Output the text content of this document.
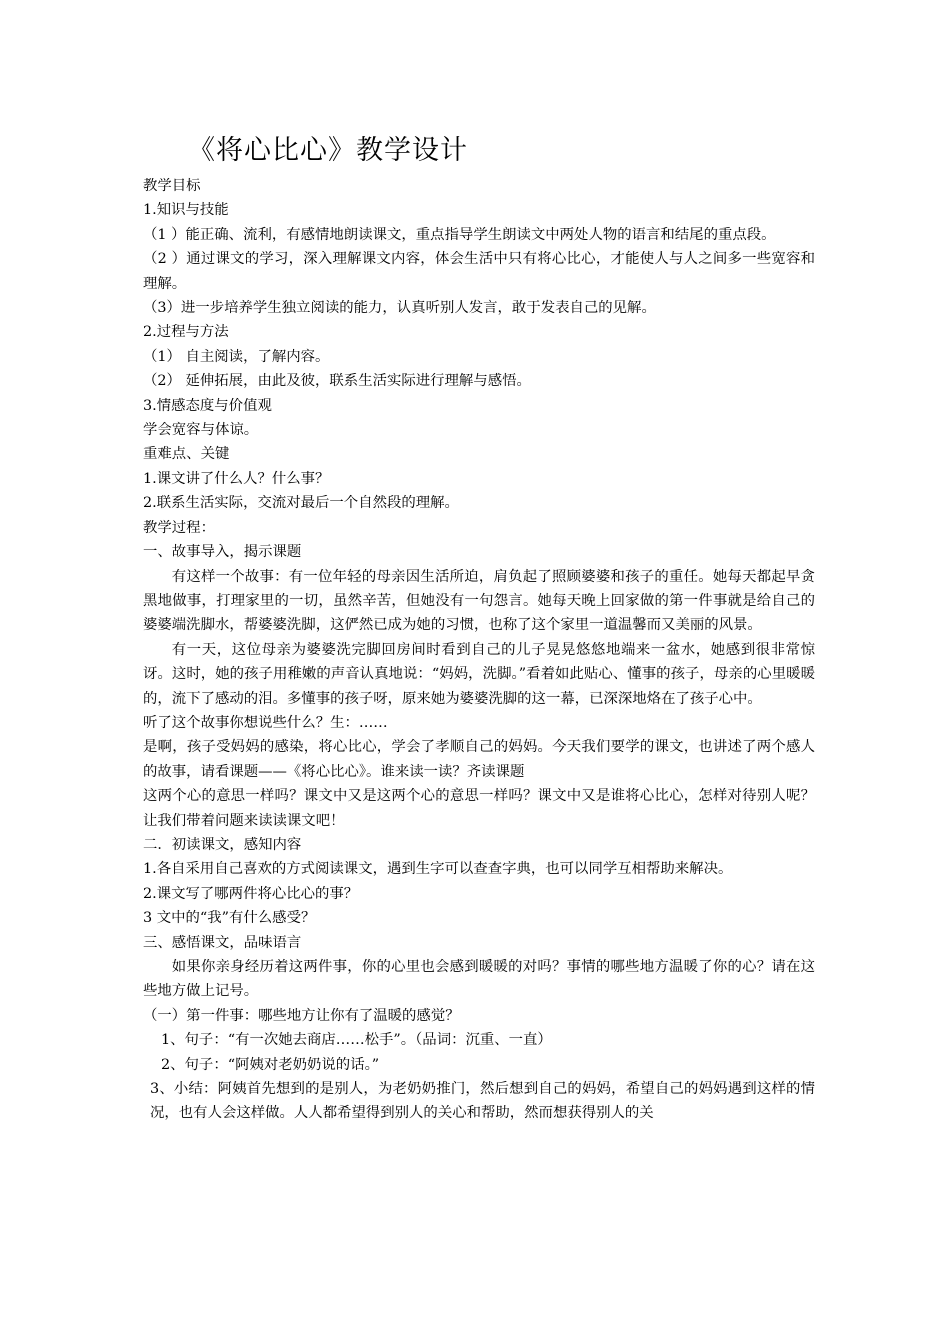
《将心比心》教学设计

教学目标

1.知识与技能

（1 ）能正确、流利，有感情地朗读课文，重点指导学生朗读文中两处人物的语言和结尾的重点段。

（2 ）通过课文的学习，深入理解课文内容，体会生活中只有将心比心，才能使人与人之间多一些宽容和理解。

（3）进一步培养学生独立阅读的能力，认真听别人发言，敢于发表自己的见解。

2.过程与方法

（1） 自主阅读，了解内容。

（2） 延伸拓展，由此及彼，联系生活实际进行理解与感悟。

3.情感态度与价值观

学会宽容与体谅。

重难点、关键

1.课文讲了什么人？什么事？

2.联系生活实际，交流对最后一个自然段的理解。

教学过程：

一、故事导入，揭示课题

有这样一个故事：有一位年轻的母亲因生活所迫，肩负起了照顾婆婆和孩子的重任。她每天都起早贪黑地做事，打理家里的一切，虽然辛苦，但她没有一句怨言。她每天晚上回家做的第一件事就是给自己的婆婆端洗脚水，帮婆婆洗脚，这俨然已成为她的习惯，也称了这个家里一道温馨而又美丽的风景。

有一天，这位母亲为婆婆洗完脚回房间时看到自己的儿子晃晃悠悠地端来一盆水，她感到很非常惊讶。这时，她的孩子用稚嫩的声音认真地说：“妈妈，洗脚。”看着如此贴心、懂事的孩子，母亲的心里暖暖的，流下了感动的泪。多懂事的孩子呀，原来她为婆婆洗脚的这一幕，已深深地烙在了孩子心中。

听了这个故事你想说些什么？生：……

是啊，孩子受妈妈的感染，将心比心，学会了孝顺自己的妈妈。今天我们要学的课文，也讲述了两个感人的故事，请看课题——《将心比心》。谁来读一读？齐读课题

这两个心的意思一样吗？课文中又是这两个心的意思一样吗？课文中又是谁将心比心，怎样对待别人呢？让我们带着问题来读读课文吧！

二．初读课文，感知内容

1.各自采用自己喜欢的方式阅读课文，遇到生字可以查查字典，也可以同学互相帮助来解决。

2.课文写了哪两件将心比心的事？

3 文中的“我”有什么感受？

三、感悟课文，品味语言

如果你亲身经历着这两件事，你的心里也会感到暖暖的对吗？事情的哪些地方温暖了你的心？请在这些地方做上记号。

（一）第一件事：哪些地方让你有了温暖的感觉？

1、句子：“有一次她去商店……松手”。（品词：沉重、一直）

2、句子：“阿姨对老奶奶说的话。”

3、小结：阿姨首先想到的是别人，为老奶奶推门，然后想到自己的妈妈，希望自己的妈妈遇到这样的情况，也有人会这样做。人人都希望得到别人的关心和帮助，然而想获得别人的关
